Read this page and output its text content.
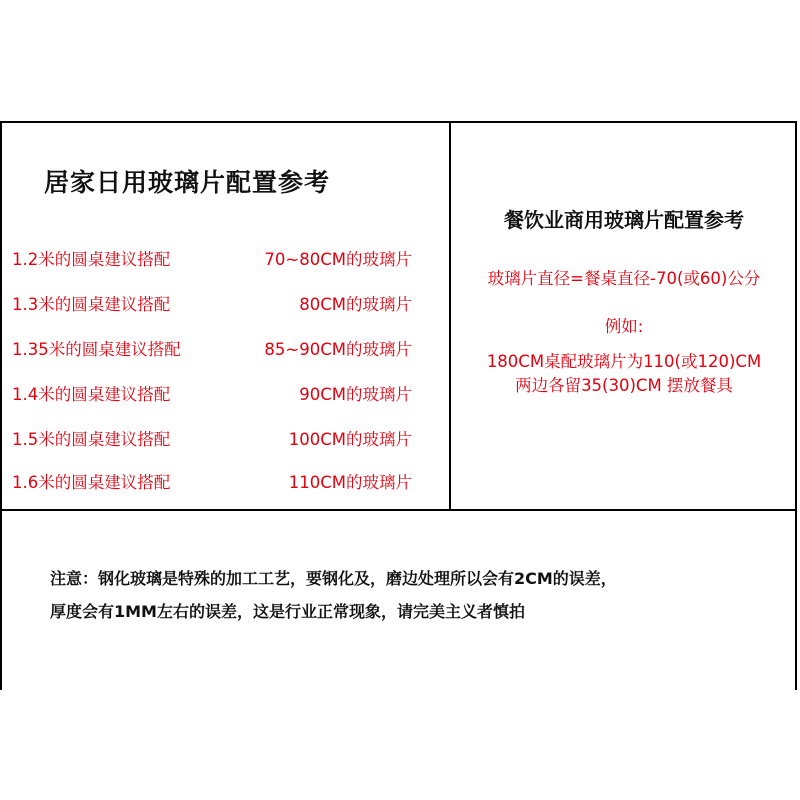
居家日用玻璃片配置参考
1.2米的圆桌建议搭配	70~80CM的玻璃片
1.3米的圆桌建议搭配	80CM的玻璃片
1.35米的圆桌建议搭配	85~90CM的玻璃片
1.4米的圆桌建议搭配	90CM的玻璃片
1.5米的圆桌建议搭配	100CM的玻璃片
1.6米的圆桌建议搭配	110CM的玻璃片
餐饮业商用玻璃片配置参考
玻璃片直径=餐桌直径-70(或60)公分
例如:
180CM桌配玻璃片为110(或120)CM
两边各留35(30)CM 摆放餐具
注意：钢化玻璃是特殊的加工工艺，要钢化及，磨边处理所以会有2CM的误差，
厚度会有1MM左右的误差，这是行业正常现象，请完美主义者慎拍
